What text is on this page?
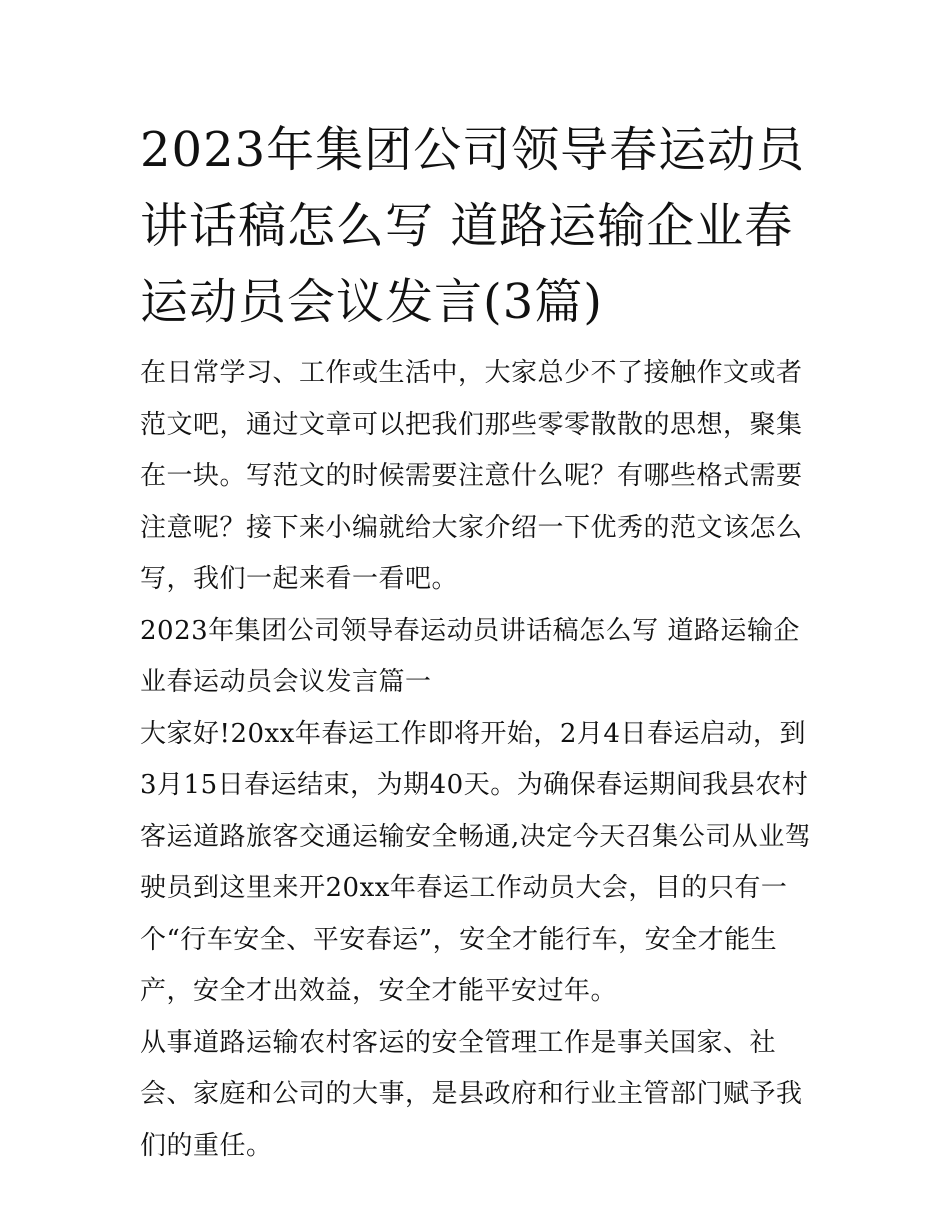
2023年集团公司领导春运动员讲话稿怎么写 道路运输企业春运动员会议发言(3篇)

在日常学习、工作或生活中，大家总少不了接触作文或者范文吧，通过文章可以把我们那些零零散散的思想，聚集在一块。写范文的时候需要注意什么呢？有哪些格式需要注意呢？接下来小编就给大家介绍一下优秀的范文该怎么写，我们一起来看一看吧。

2023年集团公司领导春运动员讲话稿怎么写 道路运输企业春运动员会议发言篇一

大家好!20xx年春运工作即将开始，2月4日春运启动，到3月15日春运结束，为期40天。为确保春运期间我县农村客运道路旅客交通运输安全畅通,决定今天召集公司从业驾驶员到这里来开20xx年春运工作动员大会，目的只有一个“行车安全、平安春运”，安全才能行车，安全才能生产，安全才出效益，安全才能平安过年。

从事道路运输农村客运的安全管理工作是事关国家、社会、家庭和公司的大事，是县政府和行业主管部门赋予我们的重任。
